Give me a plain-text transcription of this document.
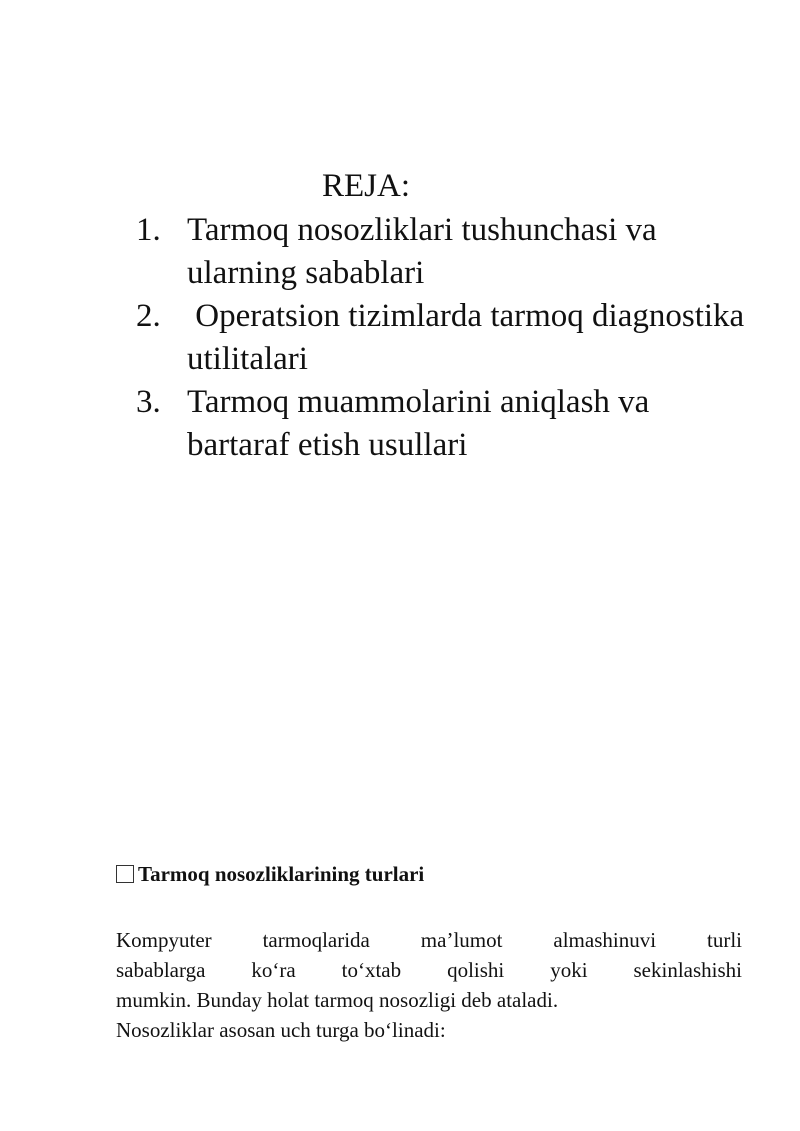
REJA:
1. Tarmoq nosozliklari tushunchasi va ularning sabablari
2. Operatsion tizimlarda tarmoq diagnostika utilitalari
3. Tarmoq muammolarini aniqlash va bartaraf etish usullari
Tarmoq nosozliklarining turlari

Kompyuter tarmoqlarida ma’lumot almashinuvi turli
sabablarga ko‘ra to‘xtab qolishi yoki sekinlashishi
mumkin. Bunday holat tarmoq nosozligi deb ataladi.
Nosozliklar asosan uch turga bo‘linadi:
